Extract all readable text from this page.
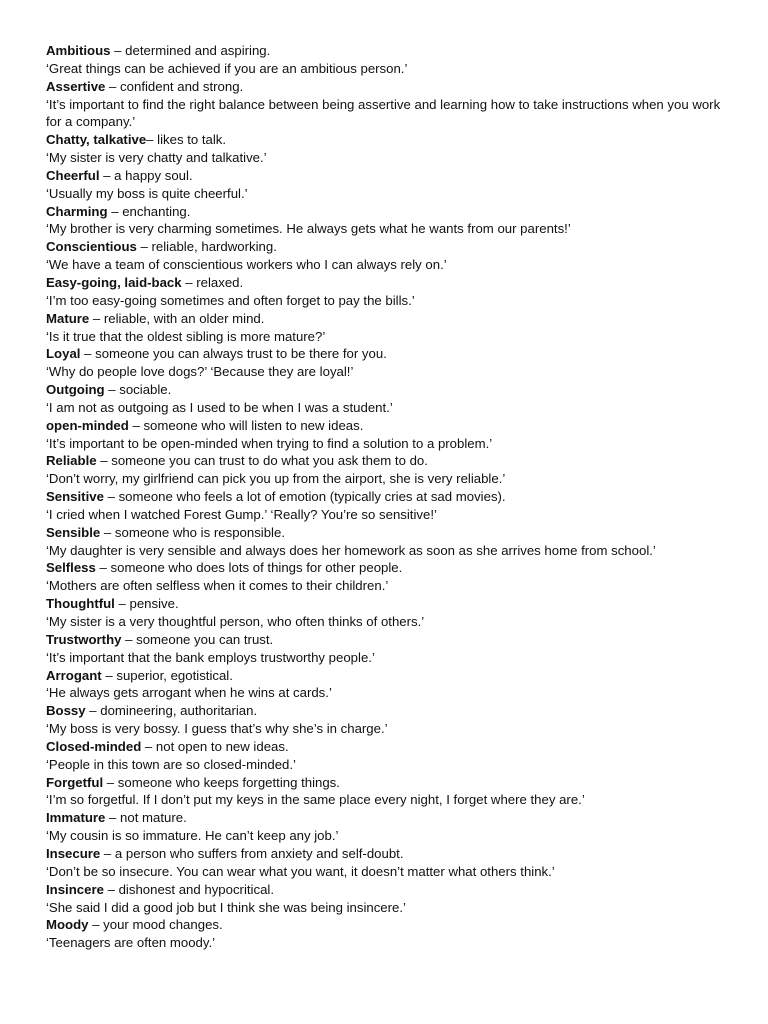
Ambitious – determined and aspiring.
‘Great things can be achieved if you are an ambitious person.’
Assertive – confident and strong.
‘It’s important to find the right balance between being assertive and learning how to take instructions when you work for a company.’
Chatty, talkative– likes to talk.
‘My sister is very chatty and talkative.’
Cheerful – a happy soul.
‘Usually my boss is quite cheerful.’
Charming – enchanting.
‘My brother is very charming sometimes. He always gets what he wants from our parents!’
Conscientious – reliable, hardworking.
‘We have a team of conscientious workers who I can always rely on.’
Easy-going, laid-back – relaxed.
‘I’m too easy-going sometimes and often forget to pay the bills.’
Mature – reliable, with an older mind.
‘Is it true that the oldest sibling is more mature?’
Loyal – someone you can always trust to be there for you.
‘Why do people love dogs?’ ‘Because they are loyal!’
Outgoing – sociable.
‘I am not as outgoing as I used to be when I was a student.’
open-minded – someone who will listen to new ideas.
‘It’s important to be open-minded when trying to find a solution to a problem.’
Reliable – someone you can trust to do what you ask them to do.
‘Don’t worry, my girlfriend can pick you up from the airport, she is very reliable.’
Sensitive – someone who feels a lot of emotion (typically cries at sad movies).
‘I cried when I watched Forest Gump.’ ‘Really? You’re so sensitive!’
Sensible – someone who is responsible.
‘My daughter is very sensible and always does her homework as soon as she arrives home from school.’
Selfless – someone who does lots of things for other people.
‘Mothers are often selfless when it comes to their children.’
Thoughtful – pensive.
‘My sister is a very thoughtful person, who often thinks of others.’
Trustworthy – someone you can trust.
‘It’s important that the bank employs trustworthy people.’
Arrogant – superior, egotistical.
‘He always gets arrogant when he wins at cards.’
Bossy – domineering, authoritarian.
‘My boss is very bossy. I guess that’s why she’s in charge.’
Closed-minded – not open to new ideas.
‘People in this town are so closed-minded.’
Forgetful – someone who keeps forgetting things.
‘I’m so forgetful. If I don’t put my keys in the same place every night, I forget where they are.’
Immature – not mature.
‘My cousin is so immature. He can’t keep any job.’
Insecure – a person who suffers from anxiety and self-doubt.
‘Don’t be so insecure. You can wear what you want, it doesn’t matter what others think.’
Insincere – dishonest and hypocritical.
‘She said I did a good job but I think she was being insincere.’
Moody – your mood changes.
‘Teenagers are often moody.’
